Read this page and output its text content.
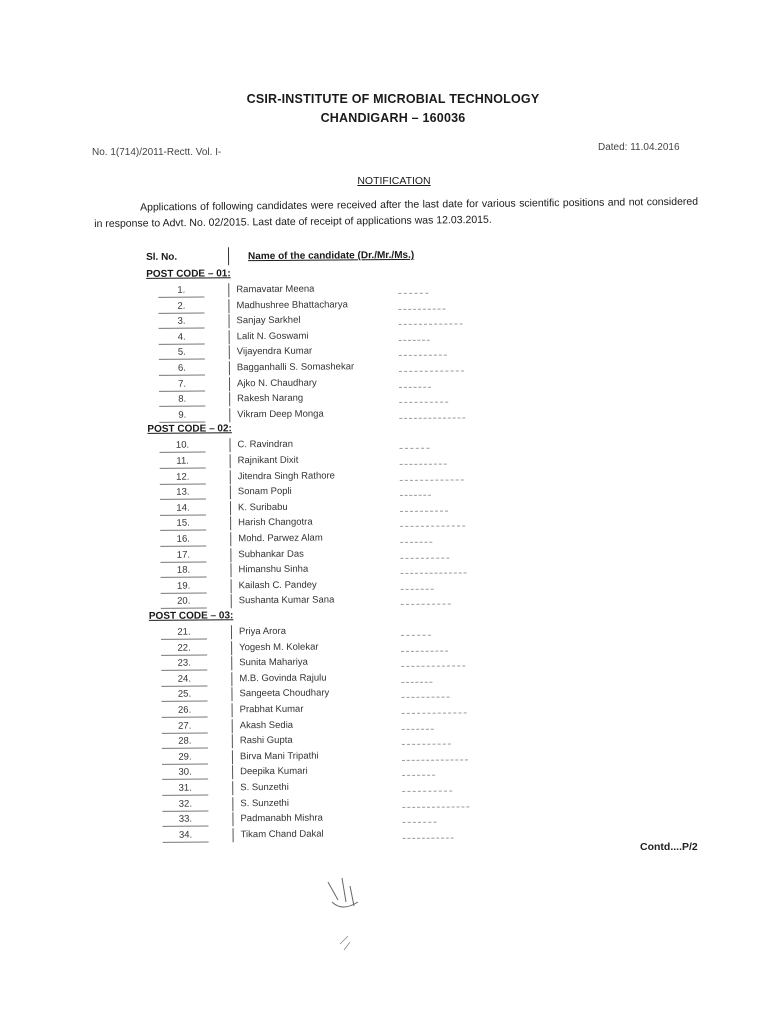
CSIR-INSTITUTE OF MICROBIAL TECHNOLOGY
CHANDIGARH – 160036
No. 1(714)/2011-Rectt. Vol. I-	Dated: 11.04.2016
NOTIFICATION
Applications of following candidates were received after the last date for various scientific positions and not considered in response to Advt. No. 02/2015. Last date of receipt of applications was 12.03.2015.
Sl. No.	Name of the candidate (Dr./Mr./Ms.)
POST CODE – 01:
1.	Ramavatar Meena
2.	Madhushree Bhattacharya
3.	Sanjay Sarkhel
4.	Lalit N. Goswami
5.	Vijayendra Kumar
6.	Bagganhalli S. Somashekar
7.	Ajko N. Chaudhary
8.	Rakesh Narang
9.	Vikram Deep Monga
POST CODE – 02:
10.	C. Ravindran
11.	Rajnikant Dixit
12.	Jitendra Singh Rathore
13.	Sonam Popli
14.	K. Suribabu
15.	Harish Changotra
16.	Mohd. Parwez Alam
17.	Subhankar Das
18.	Himanshu Sinha
19.	Kailash C. Pandey
20.	Sushanta Kumar Sana
POST CODE – 03:
21.	Priya Arora
22.	Yogesh M. Kolekar
23.	Sunita Mahariya
24.	M.B. Govinda Rajulu
25.	Sangeeta Choudhary
26.	Prabhat Kumar
27.	Akash Sedia
28.	Rashi Gupta
29.	Birva Mani Tripathi
30.	Deepika Kumari
31.	S. Sunzethi
32.	S. Sunzethi
33.	Padmanabh Mishra
34.	Tikam Chand Dakal
Contd....P/2
